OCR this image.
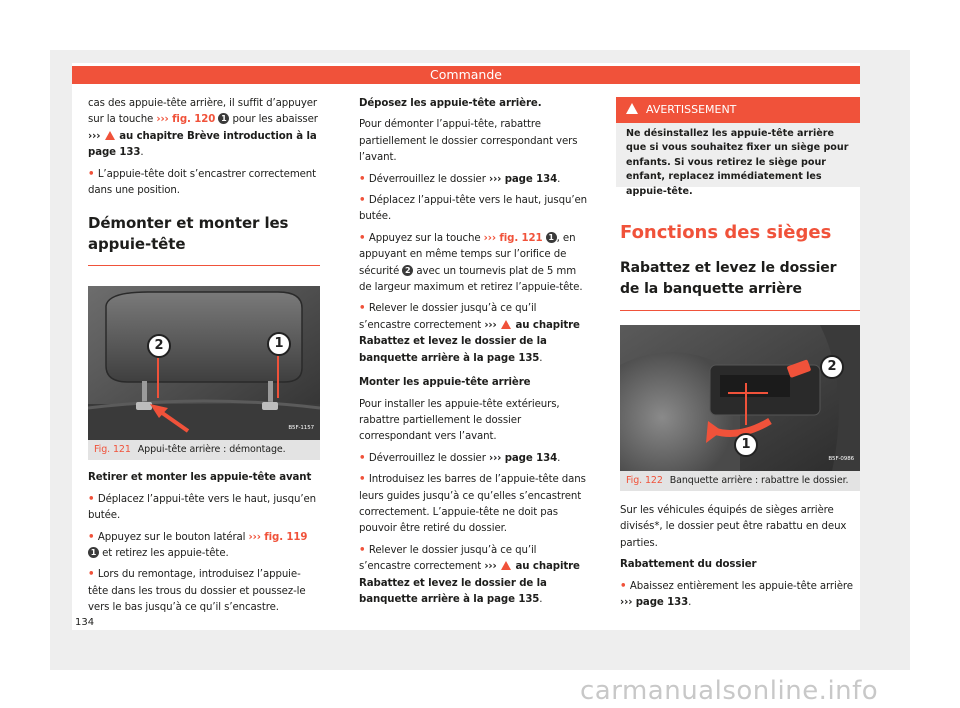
Commande

cas des appuie-tête arrière, il suffit d’appuyer sur la touche ››› fig. 120 1 pour les abaisser ››› au chapitre Brève introduction à la page 133.

• L’appuie-tête doit s’encastrer correctement dans une position.

Démonter et monter les appuie-tête
2	1
B5F-1157
Fig. 121 Appui-tête arrière : démontage.

Retirer et monter les appuie-tête avant

• Déplacez l’appui-tête vers le haut, jusqu’en butée.

• Appuyez sur le bouton latéral ››› fig. 119 1 et retirez les appuie-tête.

• Lors du remontage, introduisez l’appuie-tête dans les trous du dossier et poussez-le vers le bas jusqu’à ce qu’il s’encastre.

Déposez les appuie-tête arrière.

Pour démonter l’appui-tête, rabattre partiellement le dossier correspondant vers l’avant.

• Déverrouillez le dossier ››› page 134.

• Déplacez l’appui-tête vers le haut, jusqu’en butée.

• Appuyez sur la touche ››› fig. 121 1 , en appuyant en même temps sur l’orifice de sécurité 2 avec un tournevis plat de 5 mm de largeur maximum et retirez l’appuie-tête.

• Relever le dossier jusqu’à ce qu’il s’encastre correctement ››› au chapitre Rabattez et levez le dossier de la banquette arrière à la page 135.

Monter les appuie-tête arrière

Pour installer les appuie-tête extérieurs, rabattre partiellement le dossier correspondant vers l’avant.

• Déverrouillez le dossier ››› page 134.

• Introduisez les barres de l’appuie-tête dans leurs guides jusqu’à ce qu’elles s’encastrent correctement. L’appuie-tête ne doit pas pouvoir être retiré du dossier.

• Relever le dossier jusqu’à ce qu’il s’encastre correctement ››› au chapitre Rabattez et levez le dossier de la banquette arrière à la page 135.

AVERTISSEMENT
Ne désinstallez les appuie-tête arrière que si vous souhaitez fixer un siège pour enfants. Si vous retirez le siège pour enfant, replacez immédiatement les appuie-tête.
Fonctions des sièges
Rabattez et levez le dossier de la banquette arrière
2
1
B5F-0986
Fig. 122 Banquette arrière : rabattre le dossier.

Sur les véhicules équipés de sièges arrière divisés*, le dossier peut être rabattu en deux parties.

Rabattement du dossier

• Abaissez entièrement les appuie-tête arrière ››› page 133.

134
carmanualsonline.info
